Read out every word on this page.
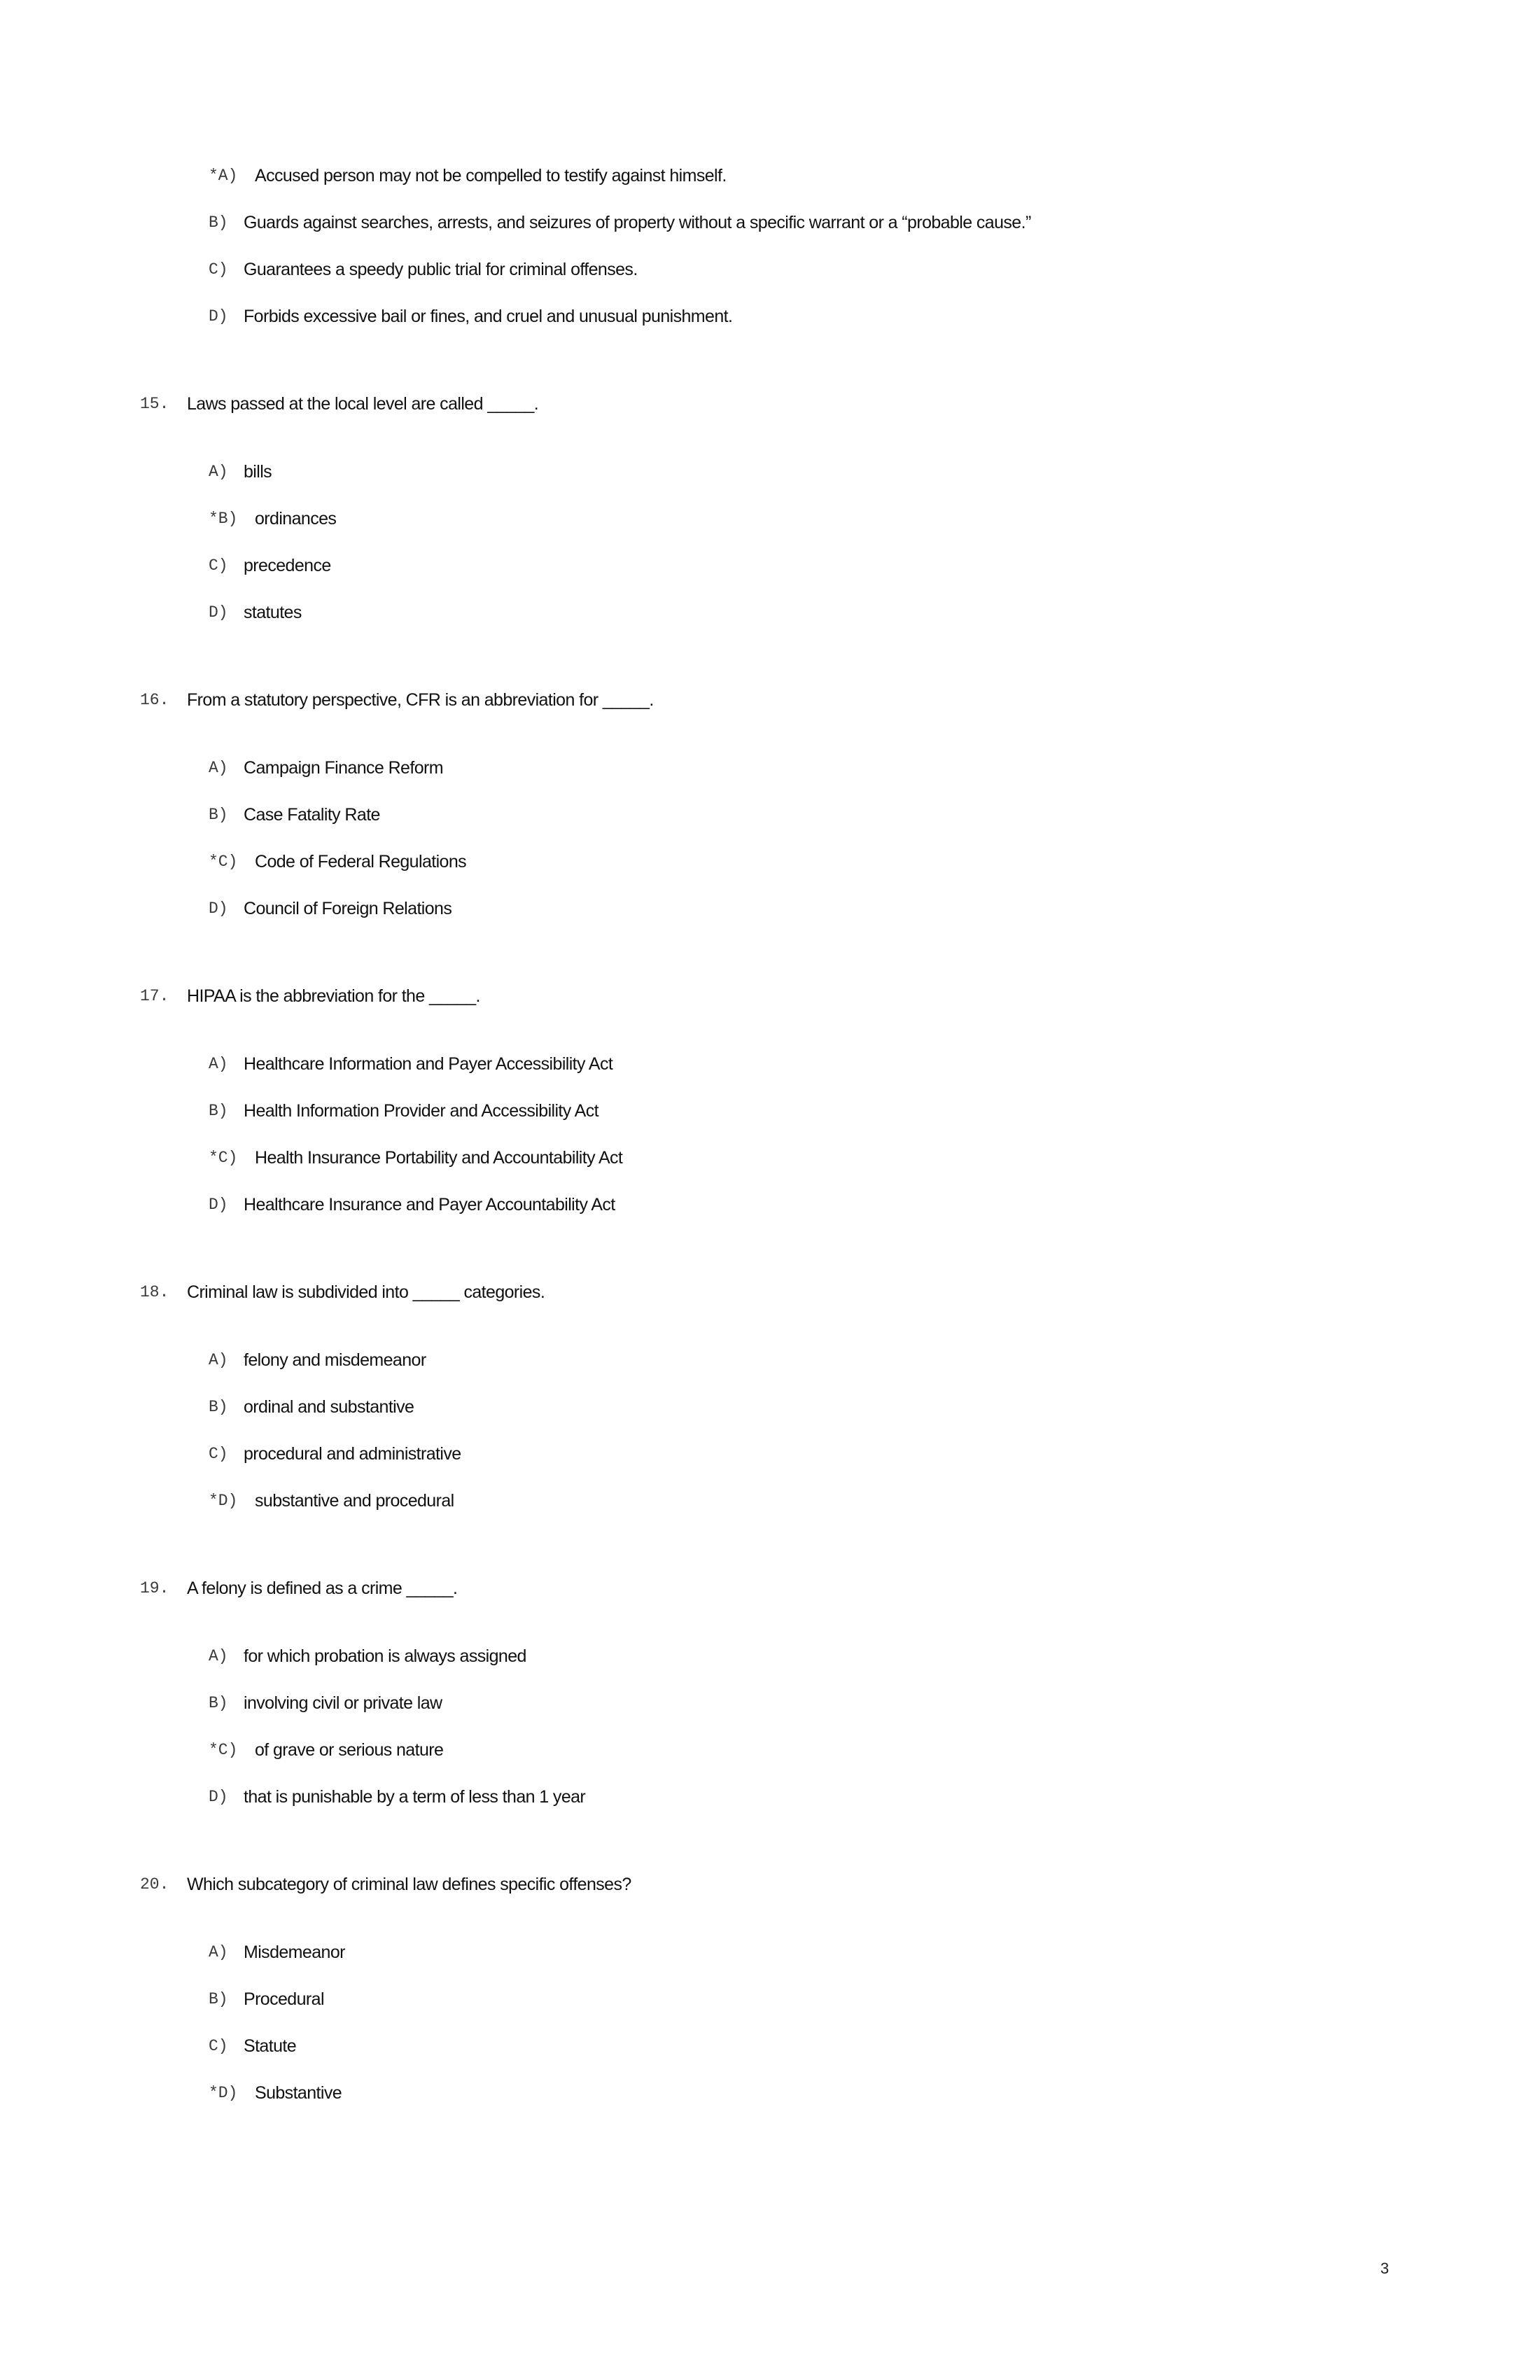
*A) Accused person may not be compelled to testify against himself.
B) Guards against searches, arrests, and seizures of property without a specific warrant or a “probable cause.”
C) Guarantees a speedy public trial for criminal offenses.
D) Forbids excessive bail or fines, and cruel and unusual punishment.
15. Laws passed at the local level are called _____.
A) bills
*B) ordinances
C) precedence
D) statutes
16. From a statutory perspective, CFR is an abbreviation for _____.
A) Campaign Finance Reform
B) Case Fatality Rate
*C) Code of Federal Regulations
D) Council of Foreign Relations
17. HIPAA is the abbreviation for the _____.
A) Healthcare Information and Payer Accessibility Act
B) Health Information Provider and Accessibility Act
*C) Health Insurance Portability and Accountability Act
D) Healthcare Insurance and Payer Accountability Act
18. Criminal law is subdivided into _____ categories.
A) felony and misdemeanor
B) ordinal and substantive
C) procedural and administrative
*D) substantive and procedural
19. A felony is defined as a crime _____.
A) for which probation is always assigned
B) involving civil or private law
*C) of grave or serious nature
D) that is punishable by a term of less than 1 year
20. Which subcategory of criminal law defines specific offenses?
A) Misdemeanor
B) Procedural
C) Statute
*D) Substantive
3
